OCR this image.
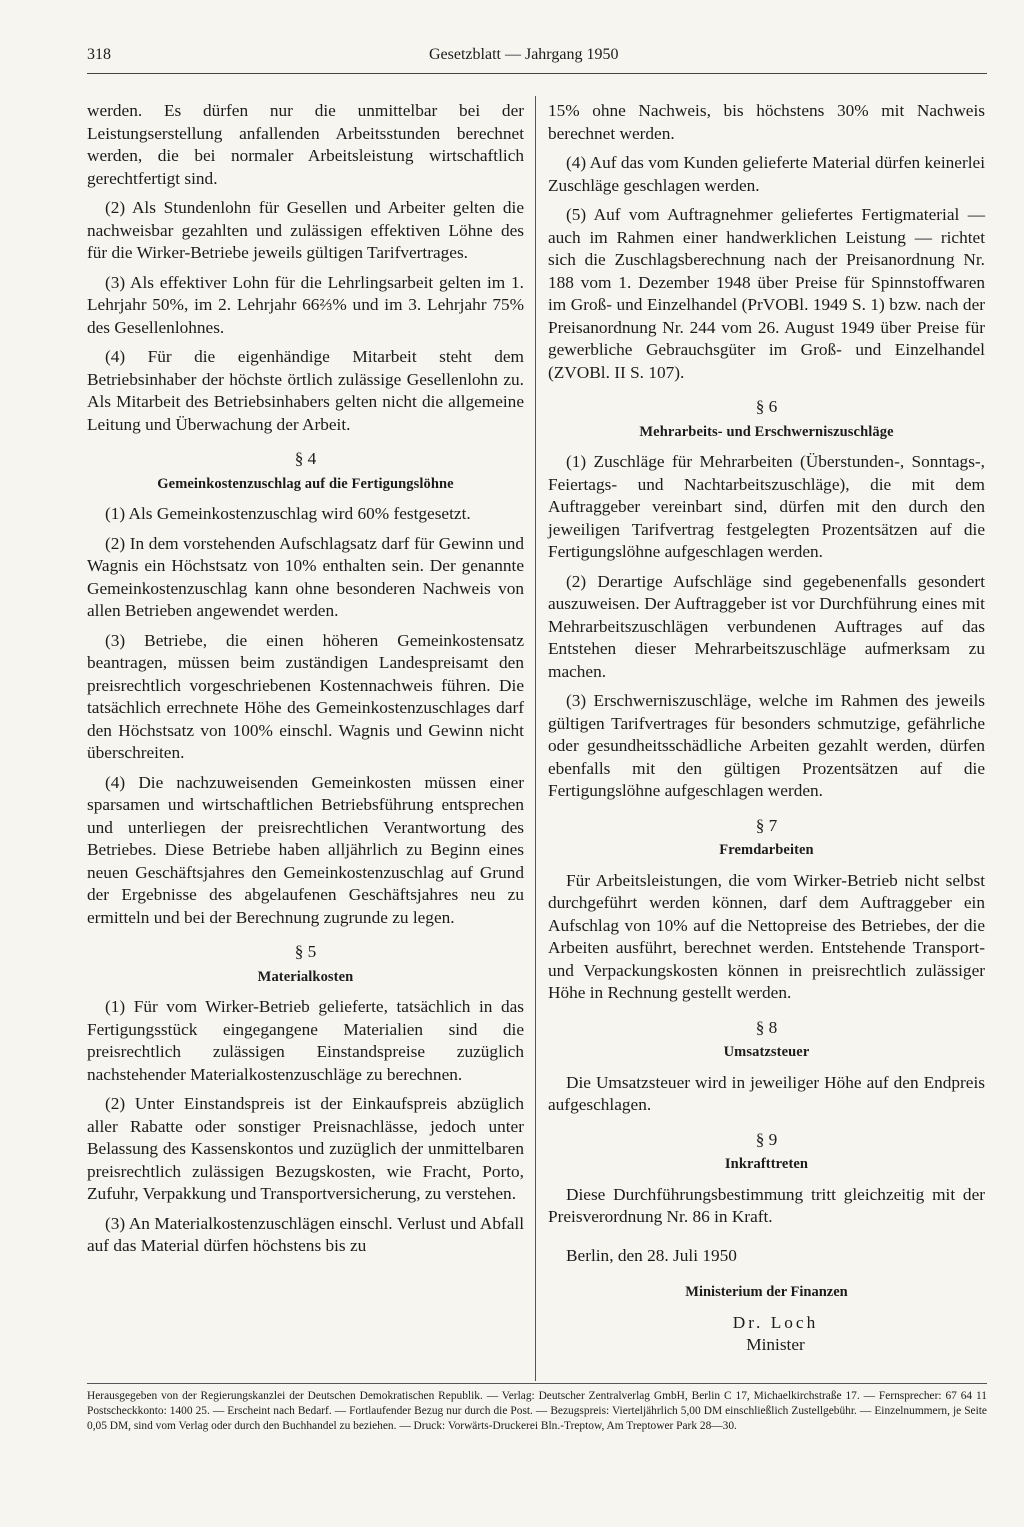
318	Gesetzblatt — Jahrgang 1950

werden. Es dürfen nur die unmittelbar bei der Leistungserstellung anfallenden Arbeitsstunden berechnet werden, die bei normaler Arbeitsleistung wirtschaftlich gerechtfertigt sind.

(2) Als Stundenlohn für Gesellen und Arbeiter gelten die nachweisbar gezahlten und zulässigen effektiven Löhne des für die Wirker-Betriebe jeweils gültigen Tarifvertrages.

(3) Als effektiver Lohn für die Lehrlingsarbeit gelten im 1. Lehrjahr 50%, im 2. Lehrjahr 66⅔% und im 3. Lehrjahr 75% des Gesellenlohnes.

(4) Für die eigenhändige Mitarbeit steht dem Betriebsinhaber der höchste örtlich zulässige Gesellenlohn zu. Als Mitarbeit des Betriebsinhabers gelten nicht die allgemeine Leitung und Überwachung der Arbeit.

§ 4
Gemeinkostenzuschlag auf die Fertigungslöhne

(1) Als Gemeinkostenzuschlag wird 60% festgesetzt.

(2) In dem vorstehenden Aufschlagsatz darf für Gewinn und Wagnis ein Höchstsatz von 10% enthalten sein. Der genannte Gemeinkostenzuschlag kann ohne besonderen Nachweis von allen Betrieben angewendet werden.

(3) Betriebe, die einen höheren Gemeinkostensatz beantragen, müssen beim zuständigen Landespreisamt den preisrechtlich vorgeschriebenen Kostennachweis führen. Die tatsächlich errechnete Höhe des Gemeinkostenzuschlages darf den Höchstsatz von 100% einschl. Wagnis und Gewinn nicht überschreiten.

(4) Die nachzuweisenden Gemeinkosten müssen einer sparsamen und wirtschaftlichen Betriebsführung entsprechen und unterliegen der preisrechtlichen Verantwortung des Betriebes. Diese Betriebe haben alljährlich zu Beginn eines neuen Geschäftsjahres den Gemeinkostenzuschlag auf Grund der Ergebnisse des abgelaufenen Geschäftsjahres neu zu ermitteln und bei der Berechnung zugrunde zu legen.

§ 5
Materialkosten

(1) Für vom Wirker-Betrieb gelieferte, tatsächlich in das Fertigungsstück eingegangene Materialien sind die preisrechtlich zulässigen Einstandspreise zuzüglich nachstehender Materialkostenzuschläge zu berechnen.

(2) Unter Einstandspreis ist der Einkaufspreis abzüglich aller Rabatte oder sonstiger Preisnachlässe, jedoch unter Belassung des Kassenskontos und zuzüglich der unmittelbaren preisrechtlich zulässigen Bezugskosten, wie Fracht, Porto, Zufuhr, Verpakkung und Transportversicherung, zu verstehen.

(3) An Materialkostenzuschlägen einschl. Verlust und Abfall auf das Material dürfen höchstens bis zu

15% ohne Nachweis, bis höchstens 30% mit Nachweis berechnet werden.

(4) Auf das vom Kunden gelieferte Material dürfen keinerlei Zuschläge geschlagen werden.

(5) Auf vom Auftragnehmer geliefertes Fertigmaterial — auch im Rahmen einer handwerklichen Leistung — richtet sich die Zuschlagsberechnung nach der Preisanordnung Nr. 188 vom 1. Dezember 1948 über Preise für Spinnstoffwaren im Groß- und Einzelhandel (PrVOBl. 1949 S. 1) bzw. nach der Preisanordnung Nr. 244 vom 26. August 1949 über Preise für gewerbliche Gebrauchsgüter im Groß- und Einzelhandel (ZVOBl. II S. 107).

§ 6
Mehrarbeits- und Erschwerniszuschläge

(1) Zuschläge für Mehrarbeiten (Überstunden-, Sonntags-, Feiertags- und Nachtarbeitszuschläge), die mit dem Auftraggeber vereinbart sind, dürfen mit den durch den jeweiligen Tarifvertrag festgelegten Prozentsätzen auf die Fertigungslöhne aufgeschlagen werden.

(2) Derartige Aufschläge sind gegebenenfalls gesondert auszuweisen. Der Auftraggeber ist vor Durchführung eines mit Mehrarbeitszuschlägen verbundenen Auftrages auf das Entstehen dieser Mehrarbeitszuschläge aufmerksam zu machen.

(3) Erschwerniszuschläge, welche im Rahmen des jeweils gültigen Tarifvertrages für besonders schmutzige, gefährliche oder gesundheitsschädliche Arbeiten gezahlt werden, dürfen ebenfalls mit den gültigen Prozentsätzen auf die Fertigungslöhne aufgeschlagen werden.

§ 7
Fremdarbeiten

Für Arbeitsleistungen, die vom Wirker-Betrieb nicht selbst durchgeführt werden können, darf dem Auftraggeber ein Aufschlag von 10% auf die Nettopreise des Betriebes, der die Arbeiten ausführt, berechnet werden. Entstehende Transport- und Verpackungskosten können in preisrechtlich zulässiger Höhe in Rechnung gestellt werden.

§ 8
Umsatzsteuer

Die Umsatzsteuer wird in jeweiliger Höhe auf den Endpreis aufgeschlagen.

§ 9
Inkrafttreten

Diese Durchführungsbestimmung tritt gleichzeitig mit der Preisverordnung Nr. 86 in Kraft.

Berlin, den 28. Juli 1950

Ministerium der Finanzen

Dr. Loch

Minister

Herausgegeben von der Regierungskanzlei der Deutschen Demokratischen Republik. — Verlag: Deutscher Zentralverlag GmbH, Berlin C 17, Michaelkirchstraße 17. — Fernsprecher: 67 64 11 Postscheckkonto: 1400 25. — Erscheint nach Bedarf. — Fortlaufender Bezug nur durch die Post. — Bezugspreis: Vierteljährlich 5,00 DM einschließlich Zustellgebühr. — Einzelnummern, je Seite 0,05 DM, sind vom Verlag oder durch den Buchhandel zu beziehen. — Druck: Vorwärts-Druckerei Bln.-Treptow, Am Treptower Park 28—30.
